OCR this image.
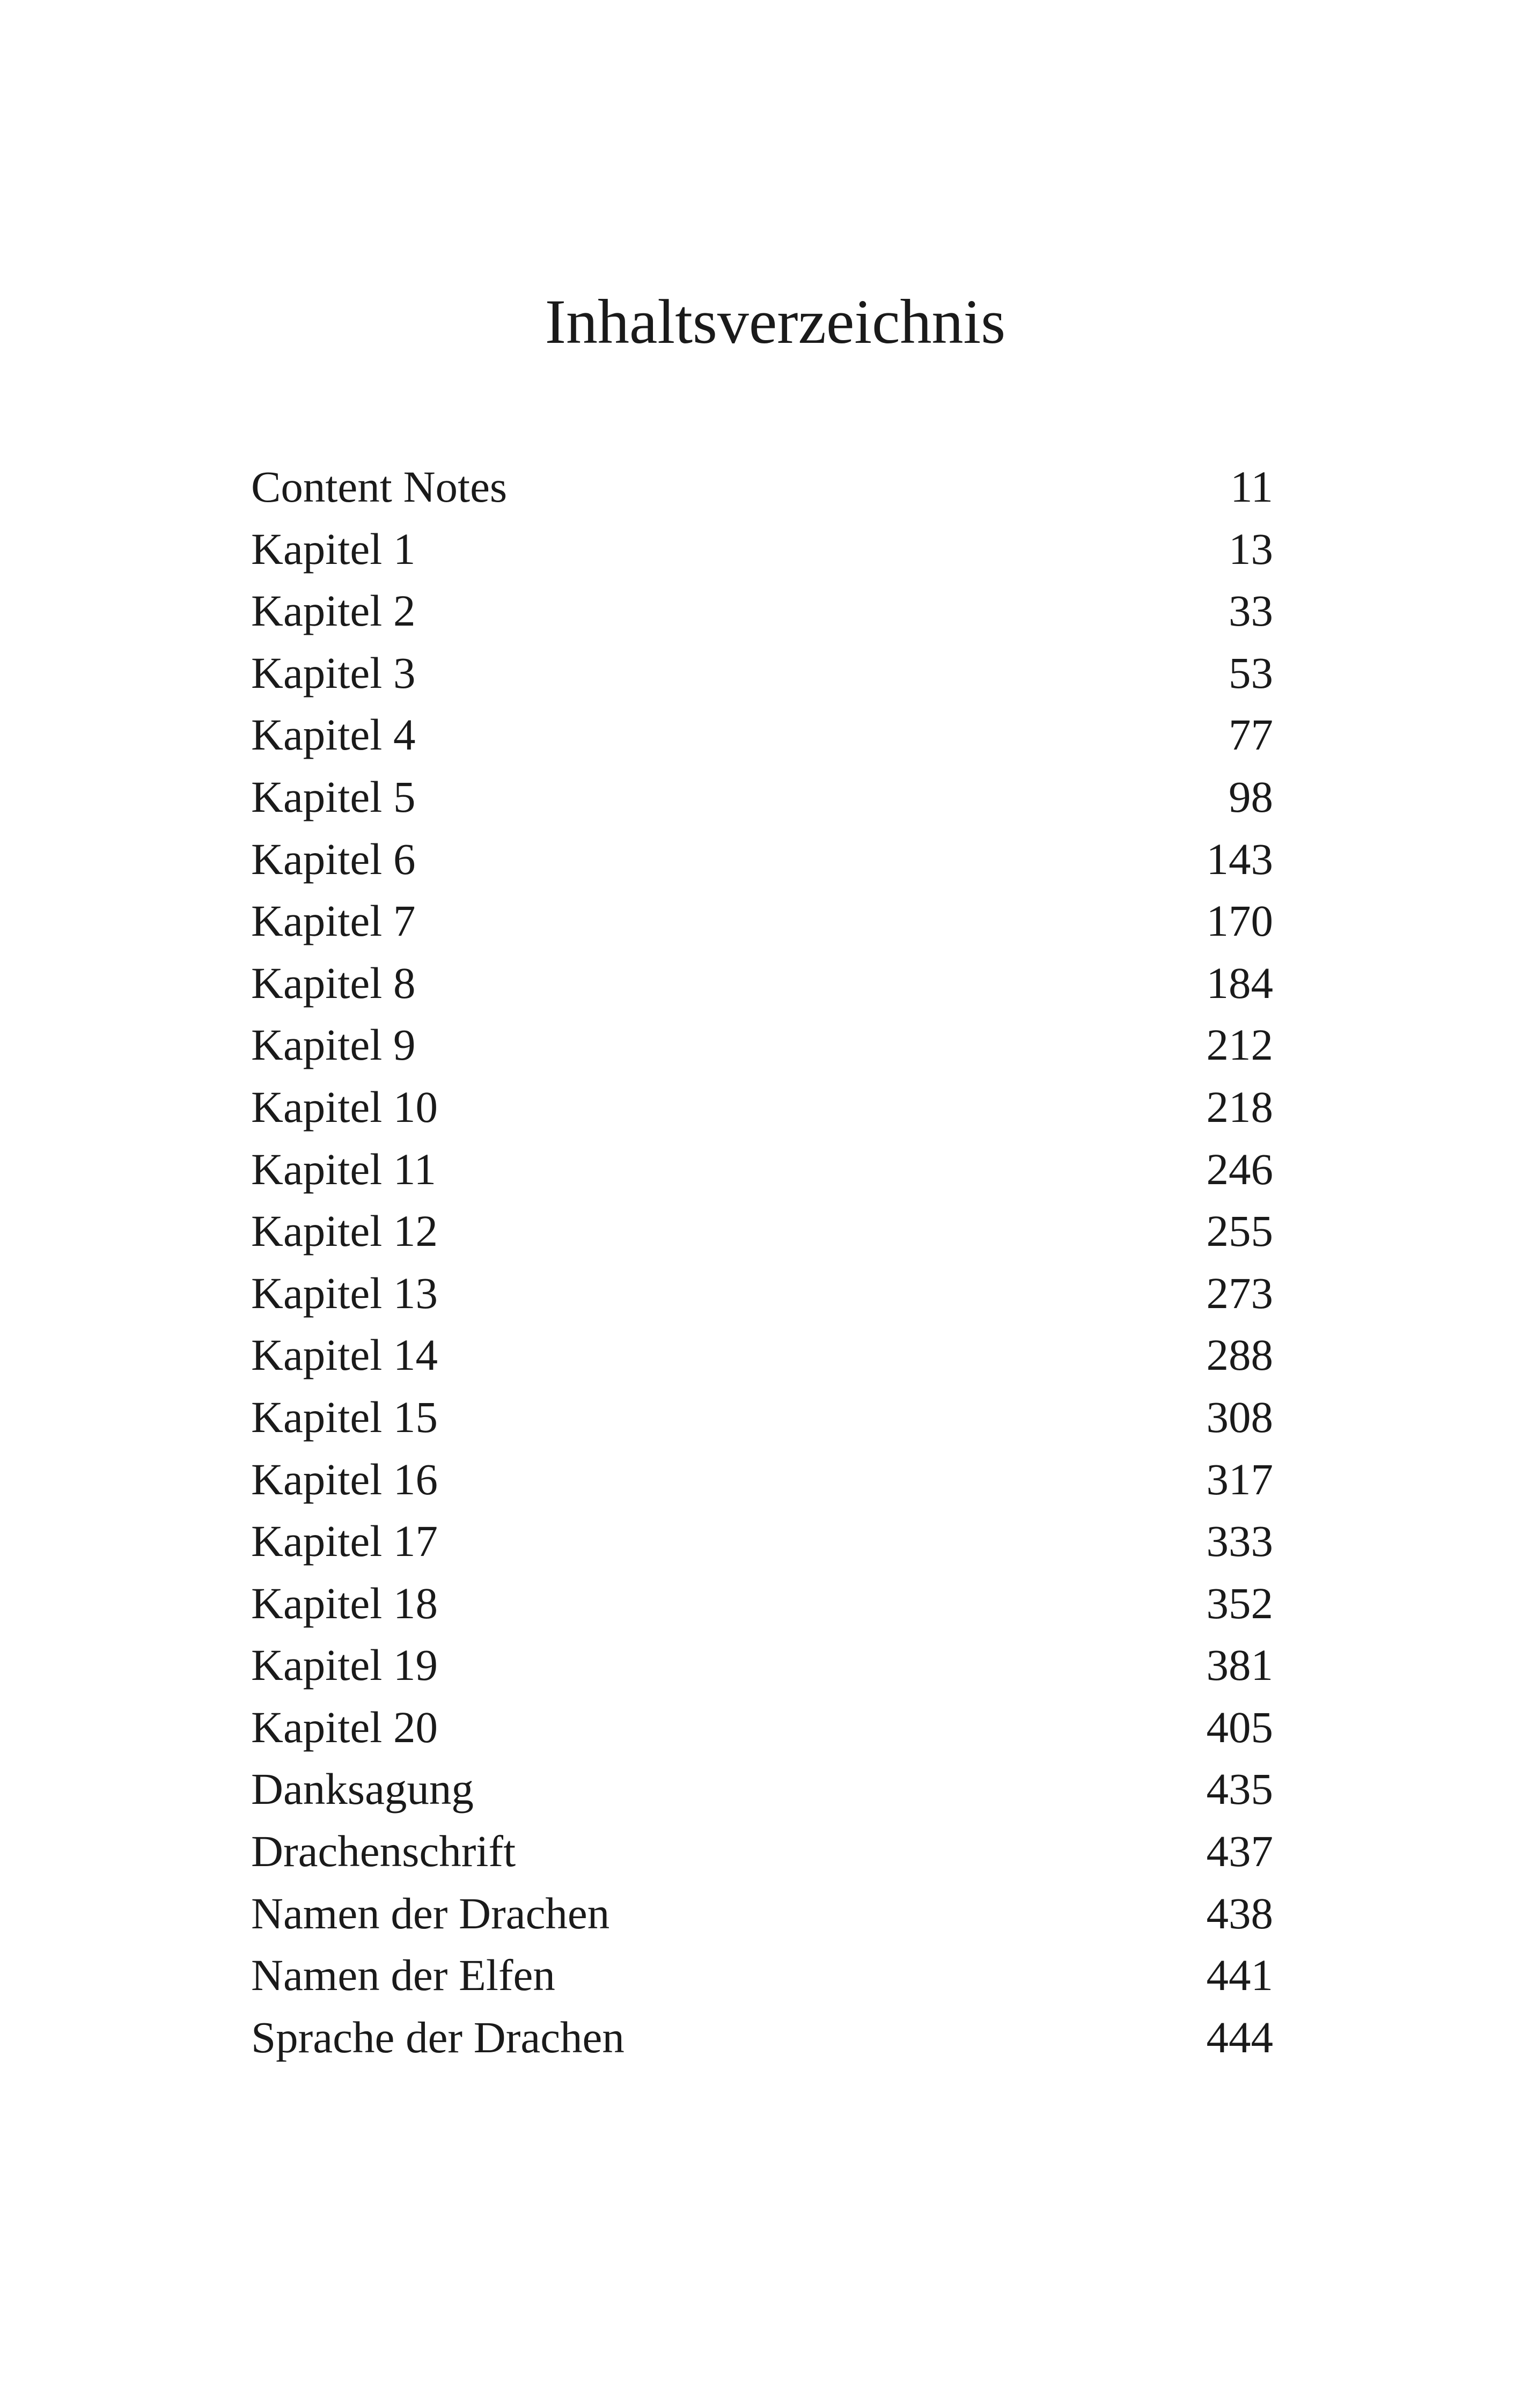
Inhaltsverzeichnis
Content Notes	11
Kapitel 1	13
Kapitel 2	33
Kapitel 3	53
Kapitel 4	77
Kapitel 5	98
Kapitel 6	143
Kapitel 7	170
Kapitel 8	184
Kapitel 9	212
Kapitel 10	218
Kapitel 11	246
Kapitel 12	255
Kapitel 13	273
Kapitel 14	288
Kapitel 15	308
Kapitel 16	317
Kapitel 17	333
Kapitel 18	352
Kapitel 19	381
Kapitel 20	405
Danksagung	435
Drachenschrift	437
Namen der Drachen	438
Namen der Elfen	441
Sprache der Drachen	444
